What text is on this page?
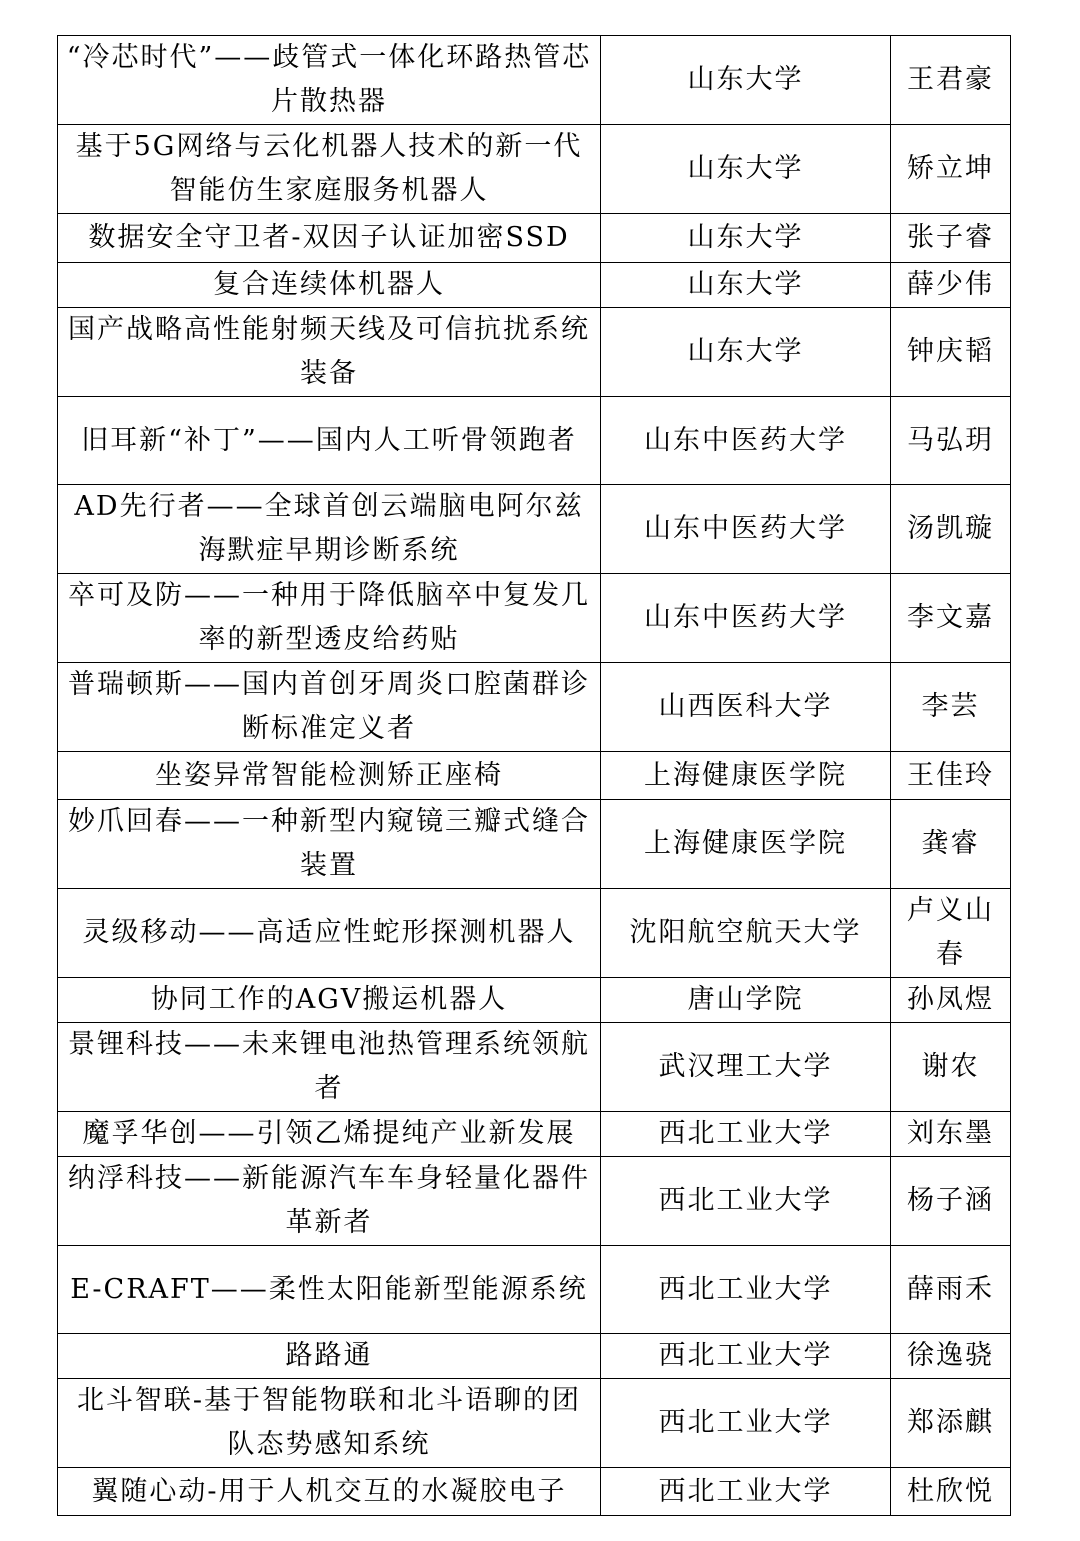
“冷芯时代”——歧管式一体化环路热管芯片散热器	山东大学	王君豪
基于5G网络与云化机器人技术的新一代智能仿生家庭服务机器人	山东大学	矫立坤
数据安全守卫者-双因子认证加密SSD	山东大学	张子睿
复合连续体机器人	山东大学	薛少伟
国产战略高性能射频天线及可信抗扰系统装备	山东大学	钟庆韬
旧耳新“补丁”——国内人工听骨领跑者	山东中医药大学	马弘玥
AD先行者——全球首创云端脑电阿尔兹海默症早期诊断系统	山东中医药大学	汤凯璇
卒可及防——一种用于降低脑卒中复发几率的新型透皮给药贴	山东中医药大学	李文嘉
普瑞顿斯——国内首创牙周炎口腔菌群诊断标准定义者	山西医科大学	李芸
坐姿异常智能检测矫正座椅	上海健康医学院	王佳玲
妙爪回春——一种新型内窥镜三瓣式缝合装置	上海健康医学院	龚睿
灵级移动——高适应性蛇形探测机器人	沈阳航空航天大学	卢义山春
协同工作的AGV搬运机器人	唐山学院	孙凤煜
景锂科技——未来锂电池热管理系统领航者	武汉理工大学	谢农
魔孚华创——引领乙烯提纯产业新发展	西北工业大学	刘东墨
纳浮科技——新能源汽车车身轻量化器件革新者	西北工业大学	杨子涵
E-CRAFT——柔性太阳能新型能源系统	西北工业大学	薛雨禾
路路通	西北工业大学	徐逸骁
北斗智联-基于智能物联和北斗语聊的团队态势感知系统	西北工业大学	郑添麒
翼随心动-用于人机交互的水凝胶电子	西北工业大学	杜欣悦
